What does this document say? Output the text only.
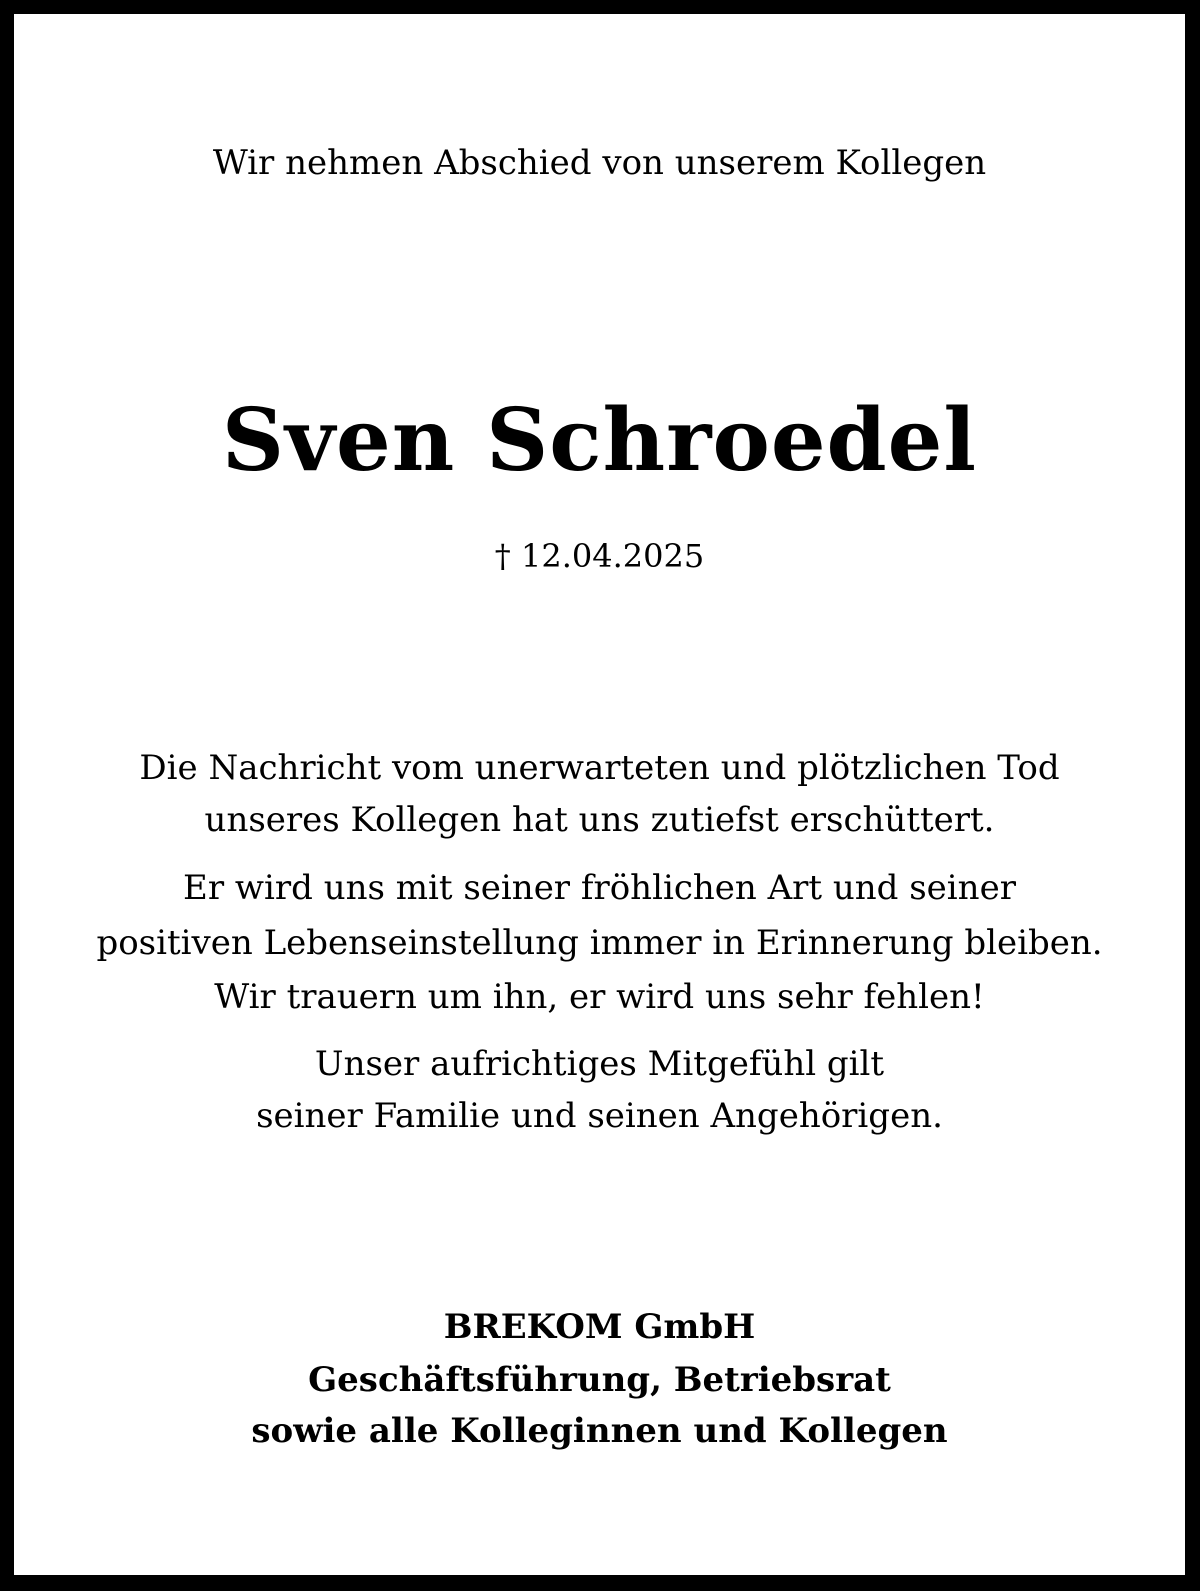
Wir nehmen Abschied von unserem Kollegen
Sven Schroedel
† 12.04.2025
Die Nachricht vom unerwarteten und plötzlichen Tod
unseres Kollegen hat uns zutiefst erschüttert.
Er wird uns mit seiner fröhlichen Art und seiner
positiven Lebenseinstellung immer in Erinnerung bleiben.
Wir trauern um ihn, er wird uns sehr fehlen!
Unser aufrichtiges Mitgefühl gilt
seiner Familie und seinen Angehörigen.
BREKOM GmbH
Geschäftsführung, Betriebsrat
sowie alle Kolleginnen und Kollegen
